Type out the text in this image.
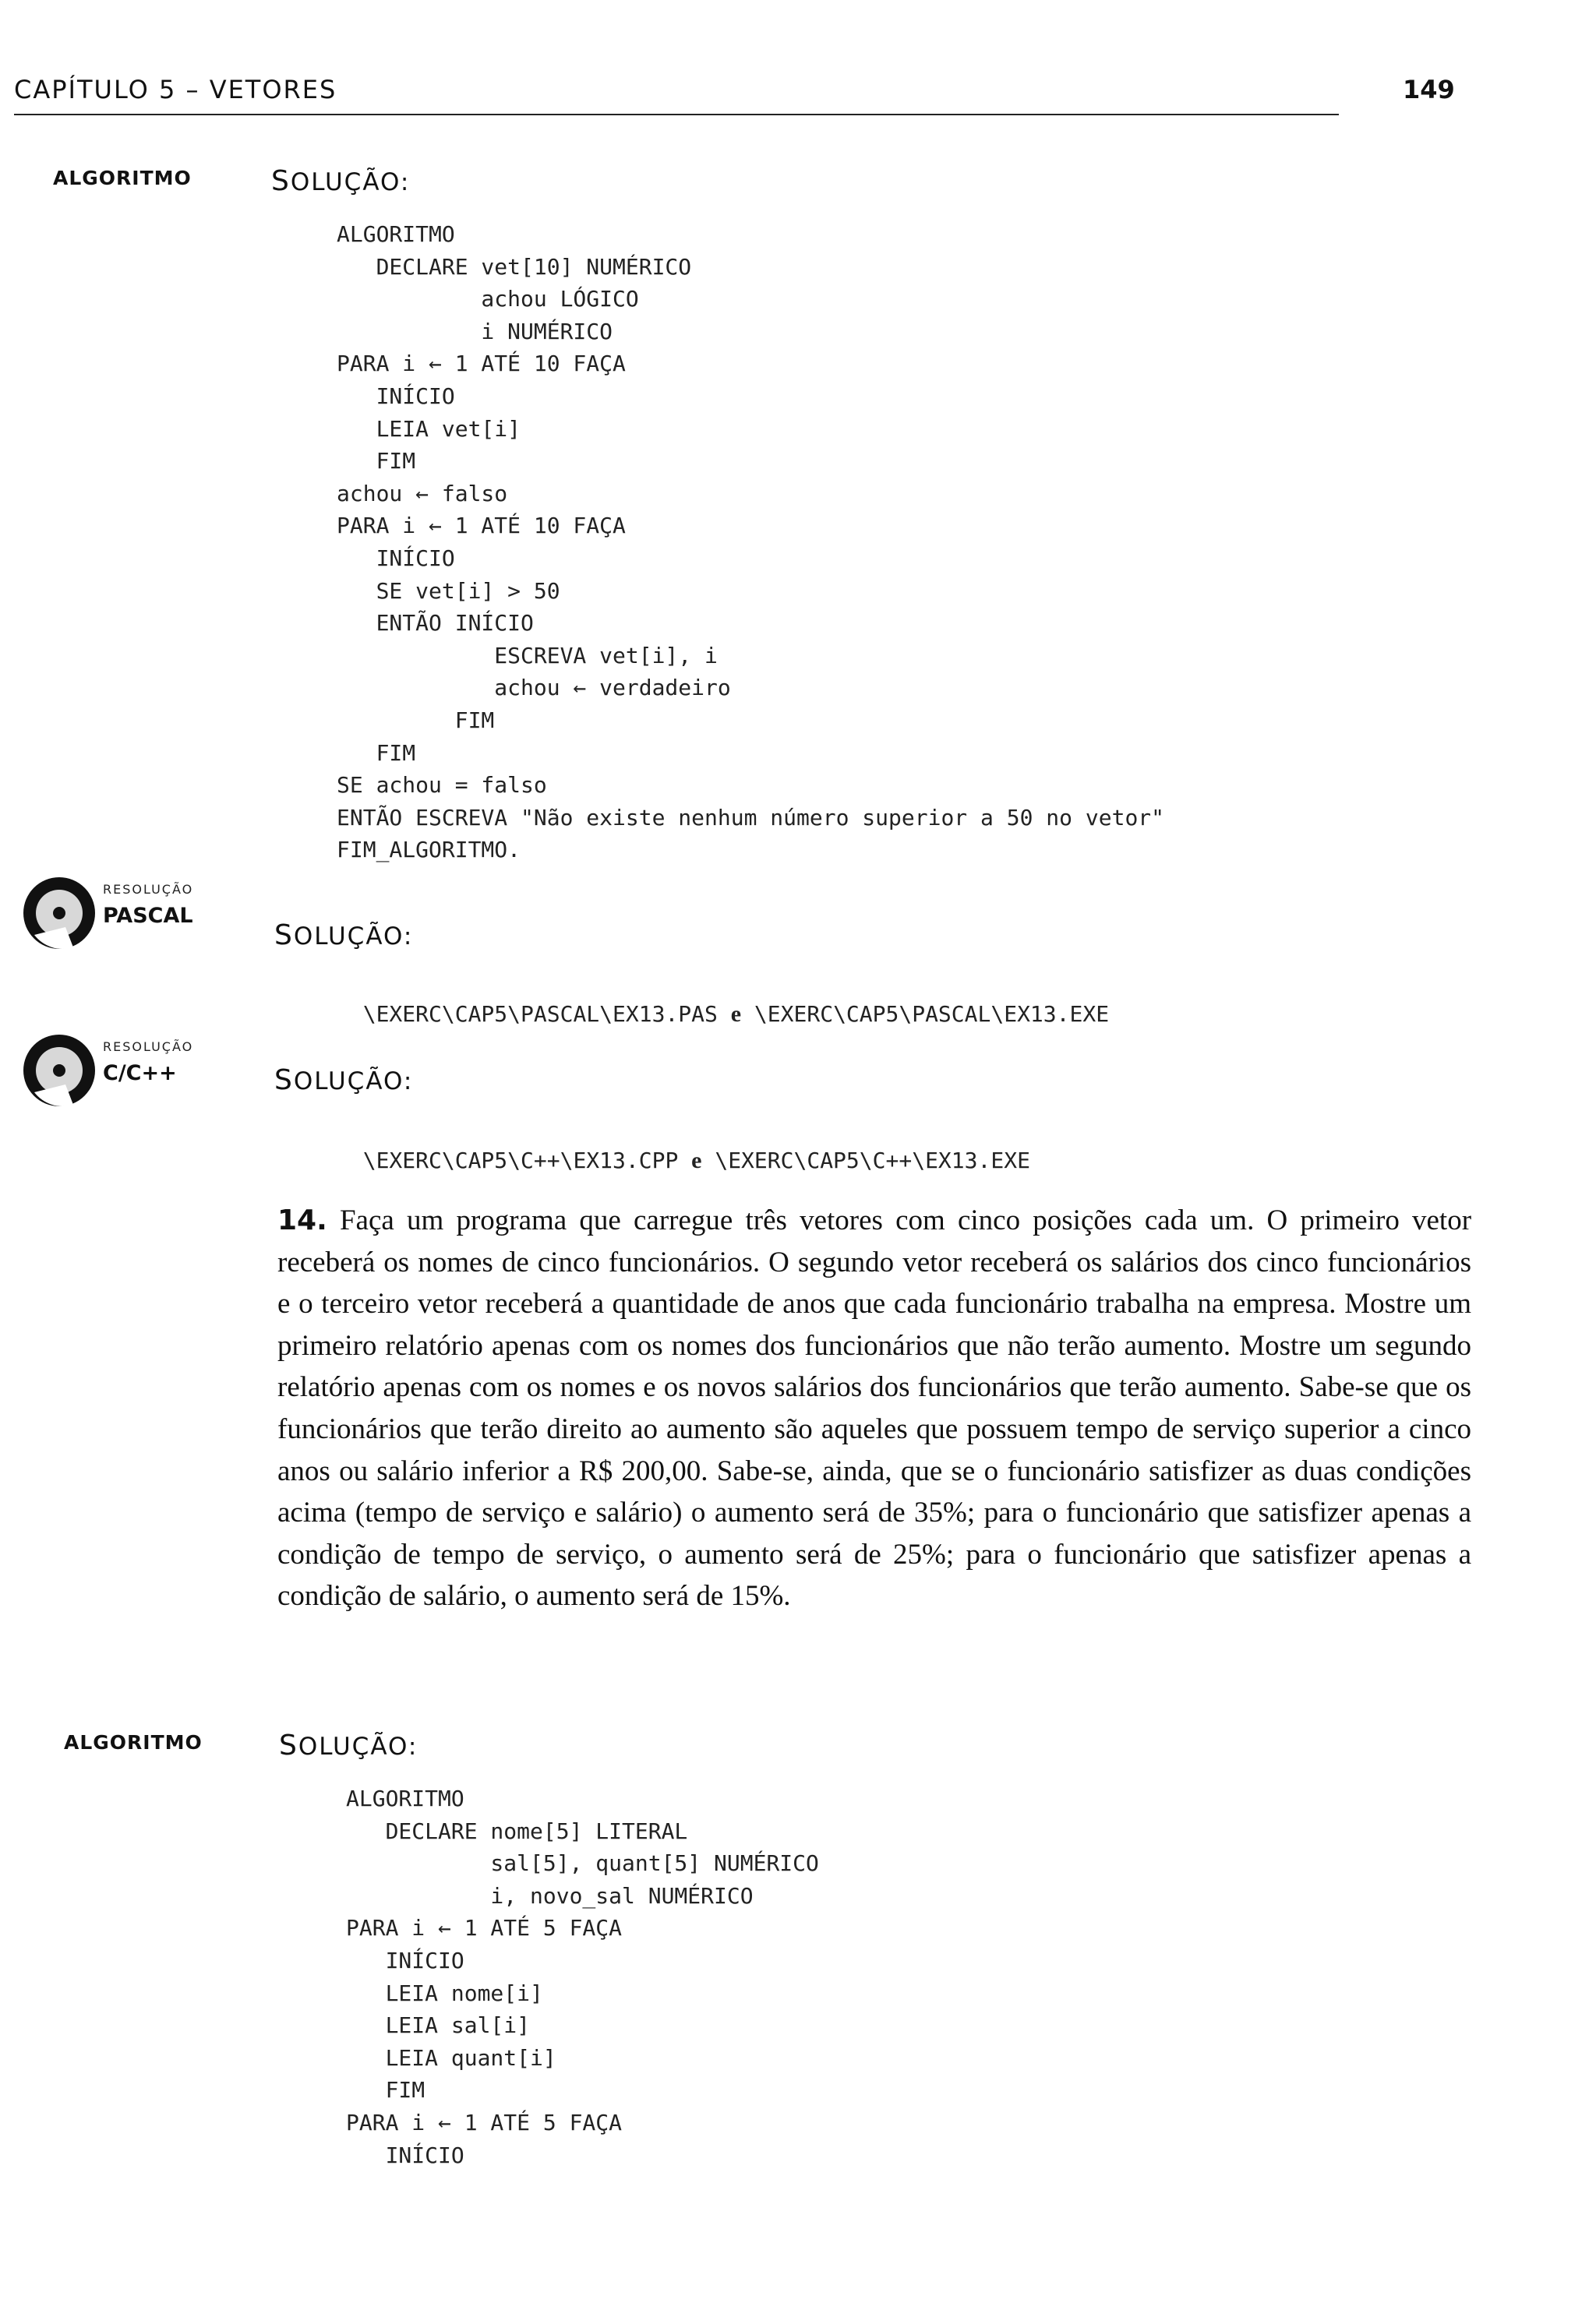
CAPÍTULO 5 – VETORES	149
ALGORITMO	SOLUÇÃO:
ALGORITMO
DECLARE vet[10] NUMÉRICO
achou LÓGICO
i NUMÉRICO
PARA i ← 1 ATÉ 10 FAÇA
INÍCIO
LEIA vet[i]
FIM
achou ← falso
PARA i ← 1 ATÉ 10 FAÇA
INÍCIO
SE vet[i] > 50
ENTÃO INÍCIO
ESCREVA vet[i], i
achou ← verdadeiro
FIM
FIM
SE achou = falso
ENTÃO ESCREVA "Não existe nenhum número superior a 50 no vetor"
FIM_ALGORITMO.
RESOLUÇÃO
PASCAL
SOLUÇÃO:

\EXERC\CAP5\PASCAL\EX13.PAS e \EXERC\CAP5\PASCAL\EX13.EXE

RESOLUÇÃO
C/C++	SOLUÇÃO:

\EXERC\CAP5\C++\EX13.CPP e \EXERC\CAP5\C++\EX13.EXE

14. Faça um programa que carregue três vetores com cinco posições cada um. O primeiro vetor receberá os nomes de cinco funcionários. O segundo vetor receberá os salários dos cinco funcionários e o terceiro vetor receberá a quantidade de anos que cada funcionário trabalha na empresa. Mostre um primeiro relatório apenas com os nomes dos funcionários que não terão aumento. Mostre um segundo relatório apenas com os nomes e os novos salários dos funcionários que terão aumento. Sabe-se que os funcionários que terão direito ao aumento são aqueles que possuem tempo de serviço superior a cinco anos ou salário inferior a R$ 200,00. Sabe-se, ainda, que se o funcionário satisfizer as duas condições acima (tempo de serviço e salário) o aumento será de 35%; para o funcionário que satisfizer apenas a condição de tempo de serviço, o aumento será de 25%; para o funcionário que satisfizer apenas a condição de salário, o aumento será de 15%.

ALGORITMO	SOLUÇÃO:
ALGORITMO
DECLARE nome[5] LITERAL
sal[5], quant[5] NUMÉRICO
i, novo_sal NUMÉRICO
PARA i ← 1 ATÉ 5 FAÇA
INÍCIO
LEIA nome[i]
LEIA sal[i]
LEIA quant[i]
FIM
PARA i ← 1 ATÉ 5 FAÇA
INÍCIO
